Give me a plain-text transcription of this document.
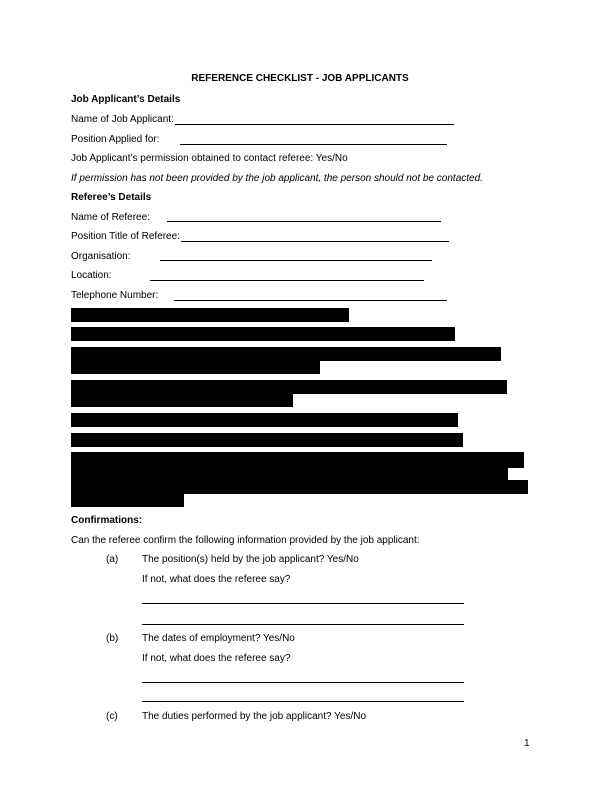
REFERENCE CHECKLIST - JOB APPLICANTS
Job Applicant’s Details
Name of Job Applicant:
Position Applied for:
Job Applicant’s permission obtained to contact referee: Yes/No
If permission has not been provided by the job applicant, the person should not be contacted.
Referee’s Details
Name of Referee:
Position Title of Referee:
Organisation:
Location:
Telephone Number:
Confirmations:
Can the referee confirm the following information provided by the job applicant:
(a) The position(s) held by the job applicant? Yes/No
If not, what does the referee say?
(b) The dates of employment? Yes/No
If not, what does the referee say?
(c) The duties performed by the job applicant? Yes/No
1
